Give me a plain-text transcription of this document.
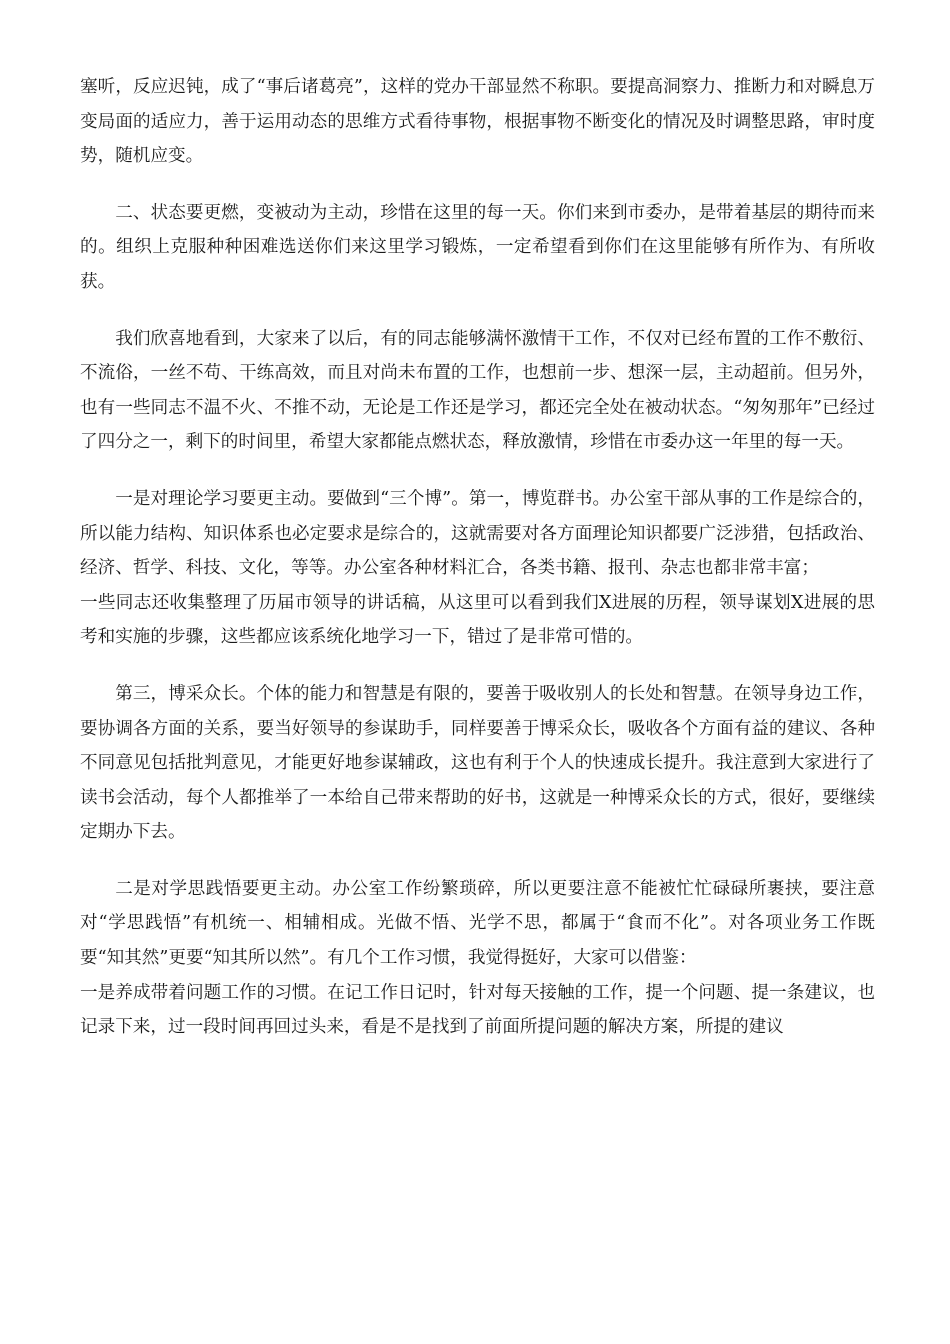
塞听，反应迟钝，成了“事后诸葛亮”，这样的党办干部显然不称职。要提高洞察力、推断力和对瞬息万变局面的适应力，善于运用动态的思维方式看待事物，根据事物不断变化的情况及时调整思路，审时度势，随机应变。

二、状态要更燃，变被动为主动，珍惜在这里的每一天。你们来到市委办，是带着基层的期待而来的。组织上克服种种困难选送你们来这里学习锻炼，一定希望看到你们在这里能够有所作为、有所收获。

我们欣喜地看到，大家来了以后，有的同志能够满怀激情干工作，不仅对已经布置的工作不敷衍、不流俗，一丝不苟、干练高效，而且对尚未布置的工作，也想前一步、想深一层，主动超前。但另外，也有一些同志不温不火、不推不动，无论是工作还是学习，都还完全处在被动状态。“匆匆那年”已经过了四分之一，剩下的时间里，希望大家都能点燃状态，释放激情，珍惜在市委办这一年里的每一天。

一是对理论学习要更主动。要做到“三个博”。第一，博览群书。办公室干部从事的工作是综合的，所以能力结构、知识体系也必定要求是综合的，这就需要对各方面理论知识都要广泛涉猎，包括政治、经济、哲学、科技、文化，等等。办公室各种材料汇合，各类书籍、报刊、杂志也都非常丰富；

一些同志还收集整理了历届市领导的讲话稿，从这里可以看到我们X进展的历程，领导谋划X进展的思考和实施的步骤，这些都应该系统化地学习一下，错过了是非常可惜的。

第三，博采众长。个体的能力和智慧是有限的，要善于吸收别人的长处和智慧。在领导身边工作，要协调各方面的关系，要当好领导的参谋助手，同样要善于博采众长，吸收各个方面有益的建议、各种不同意见包括批判意见，才能更好地参谋辅政，这也有利于个人的快速成长提升。我注意到大家进行了读书会活动，每个人都推举了一本给自己带来帮助的好书，这就是一种博采众长的方式，很好，要继续定期办下去。

二是对学思践悟要更主动。办公室工作纷繁琐碎，所以更要注意不能被忙忙碌碌所裹挟，要注意对“学思践悟”有机统一、相辅相成。光做不悟、光学不思，都属于“食而不化”。对各项业务工作既要“知其然”更要“知其所以然”。有几个工作习惯，我觉得挺好，大家可以借鉴：

一是养成带着问题工作的习惯。在记工作日记时，针对每天接触的工作，提一个问题、提一条建议，也记录下来，过一段时间再回过头来，看是不是找到了前面所提问题的解决方案，所提的建议
